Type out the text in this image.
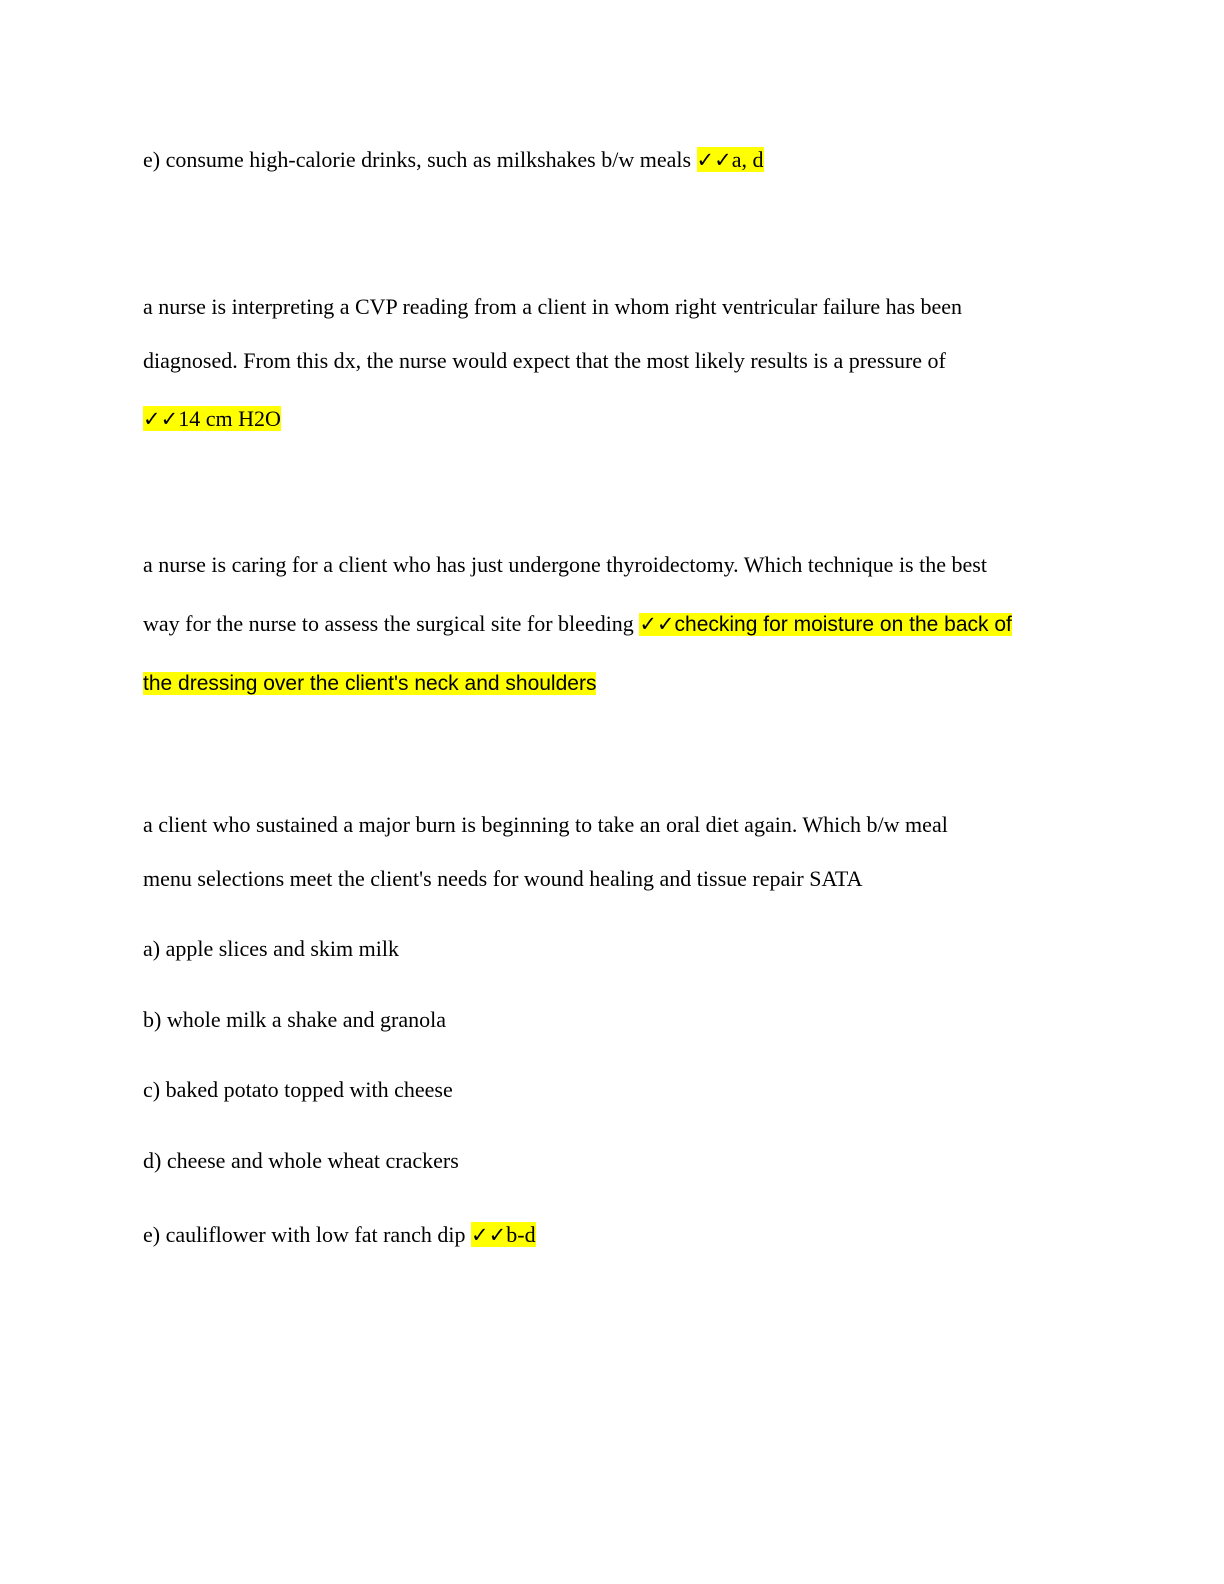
e) consume high-calorie drinks, such as milkshakes b/w meals ✓✓a, d
a nurse is interpreting a CVP reading from a client in whom right ventricular failure has been
diagnosed. From this dx, the nurse would expect that the most likely results is a pressure of
✓✓14 cm H2O
a nurse is caring for a client who has just undergone thyroidectomy. Which technique is the best
way for the nurse to assess the surgical site for bleeding ✓✓checking for moisture on the back of
the dressing over the client's neck and shoulders
a client who sustained a major burn is beginning to take an oral diet again. Which b/w meal
menu selections meet the client's needs for wound healing and tissue repair SATA
a) apple slices and skim milk
b) whole milk a shake and granola
c) baked potato topped with cheese
d) cheese and whole wheat crackers
e) cauliflower with low fat ranch dip ✓✓b-d
